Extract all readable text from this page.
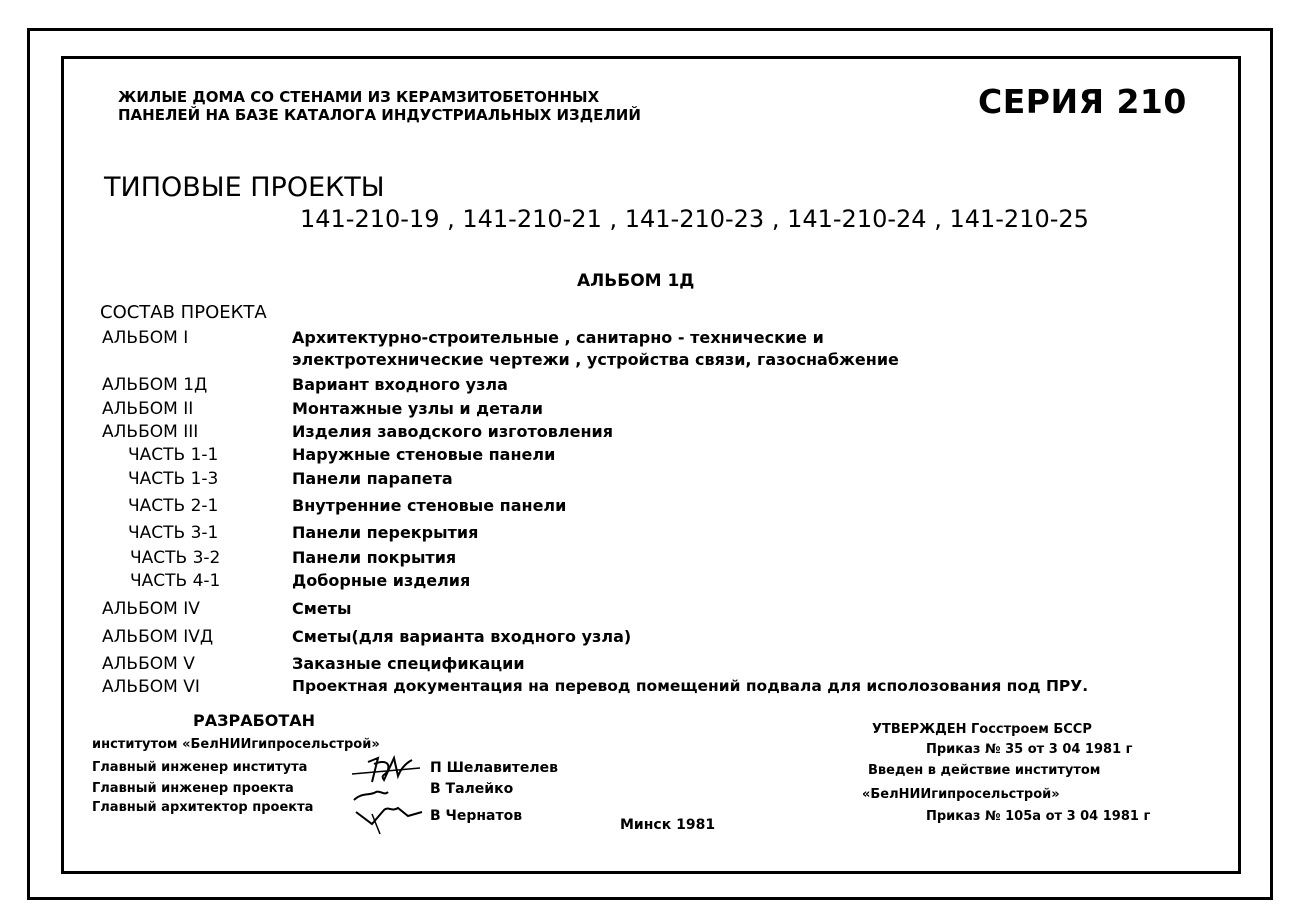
ЖИЛЫЕ ДОМА СО СТЕНАМИ ИЗ КЕРАМЗИТОБЕТОННЫХ
ПАНЕЛЕЙ НА БАЗЕ КАТАЛОГА ИНДУСТРИАЛЬНЫХ ИЗДЕЛИЙ	СЕРИЯ 210
ТИПОВЫЕ ПРОЕКТЫ
141-210-19 , 141-210-21 , 141-210-23 , 141-210-24 , 141-210-25
АЛЬБОМ 1Д
СОСТАВ ПРОЕКТА
АЛЬБОМ I	Архитектурно-строительные , санитарно - технические и
электротехнические чертежи , устройства связи, газоснабжение
АЛЬБОМ 1Д	Вариант входного узла
АЛЬБОМ II	Монтажные узлы и детали
АЛЬБОМ III	Изделия заводского изготовления
ЧАСТЬ 1-1	Наружные стеновые панели
ЧАСТЬ 1-3	Панели парапета
ЧАСТЬ 2-1	Внутренние стеновые панели
ЧАСТЬ 3-1	Панели перекрытия
ЧАСТЬ 3-2	Панели покрытия
ЧАСТЬ 4-1	Доборные изделия
АЛЬБОМ IV	Сметы
АЛЬБОМ IVД	Сметы(для варианта входного узла)
АЛЬБОМ V	Заказные спецификации
АЛЬБОМ VI	Проектная документация на перевод помещений подвала для исполозования под ПРУ.
РАЗРАБОТАН
институтом «БелНИИгипросельстрой»
Главный инженер института
Главный инженер проекта
Главный архитектор проекта
П Шелавителев
В Талейко
В Чернатов
Минск 1981
УТВЕРЖДЕН Госстроем БССР
Приказ № 35 от 3 04 1981 г
Введен в действие институтом
«БелНИИгипросельстрой»
Приказ № 105а от 3 04 1981 г
